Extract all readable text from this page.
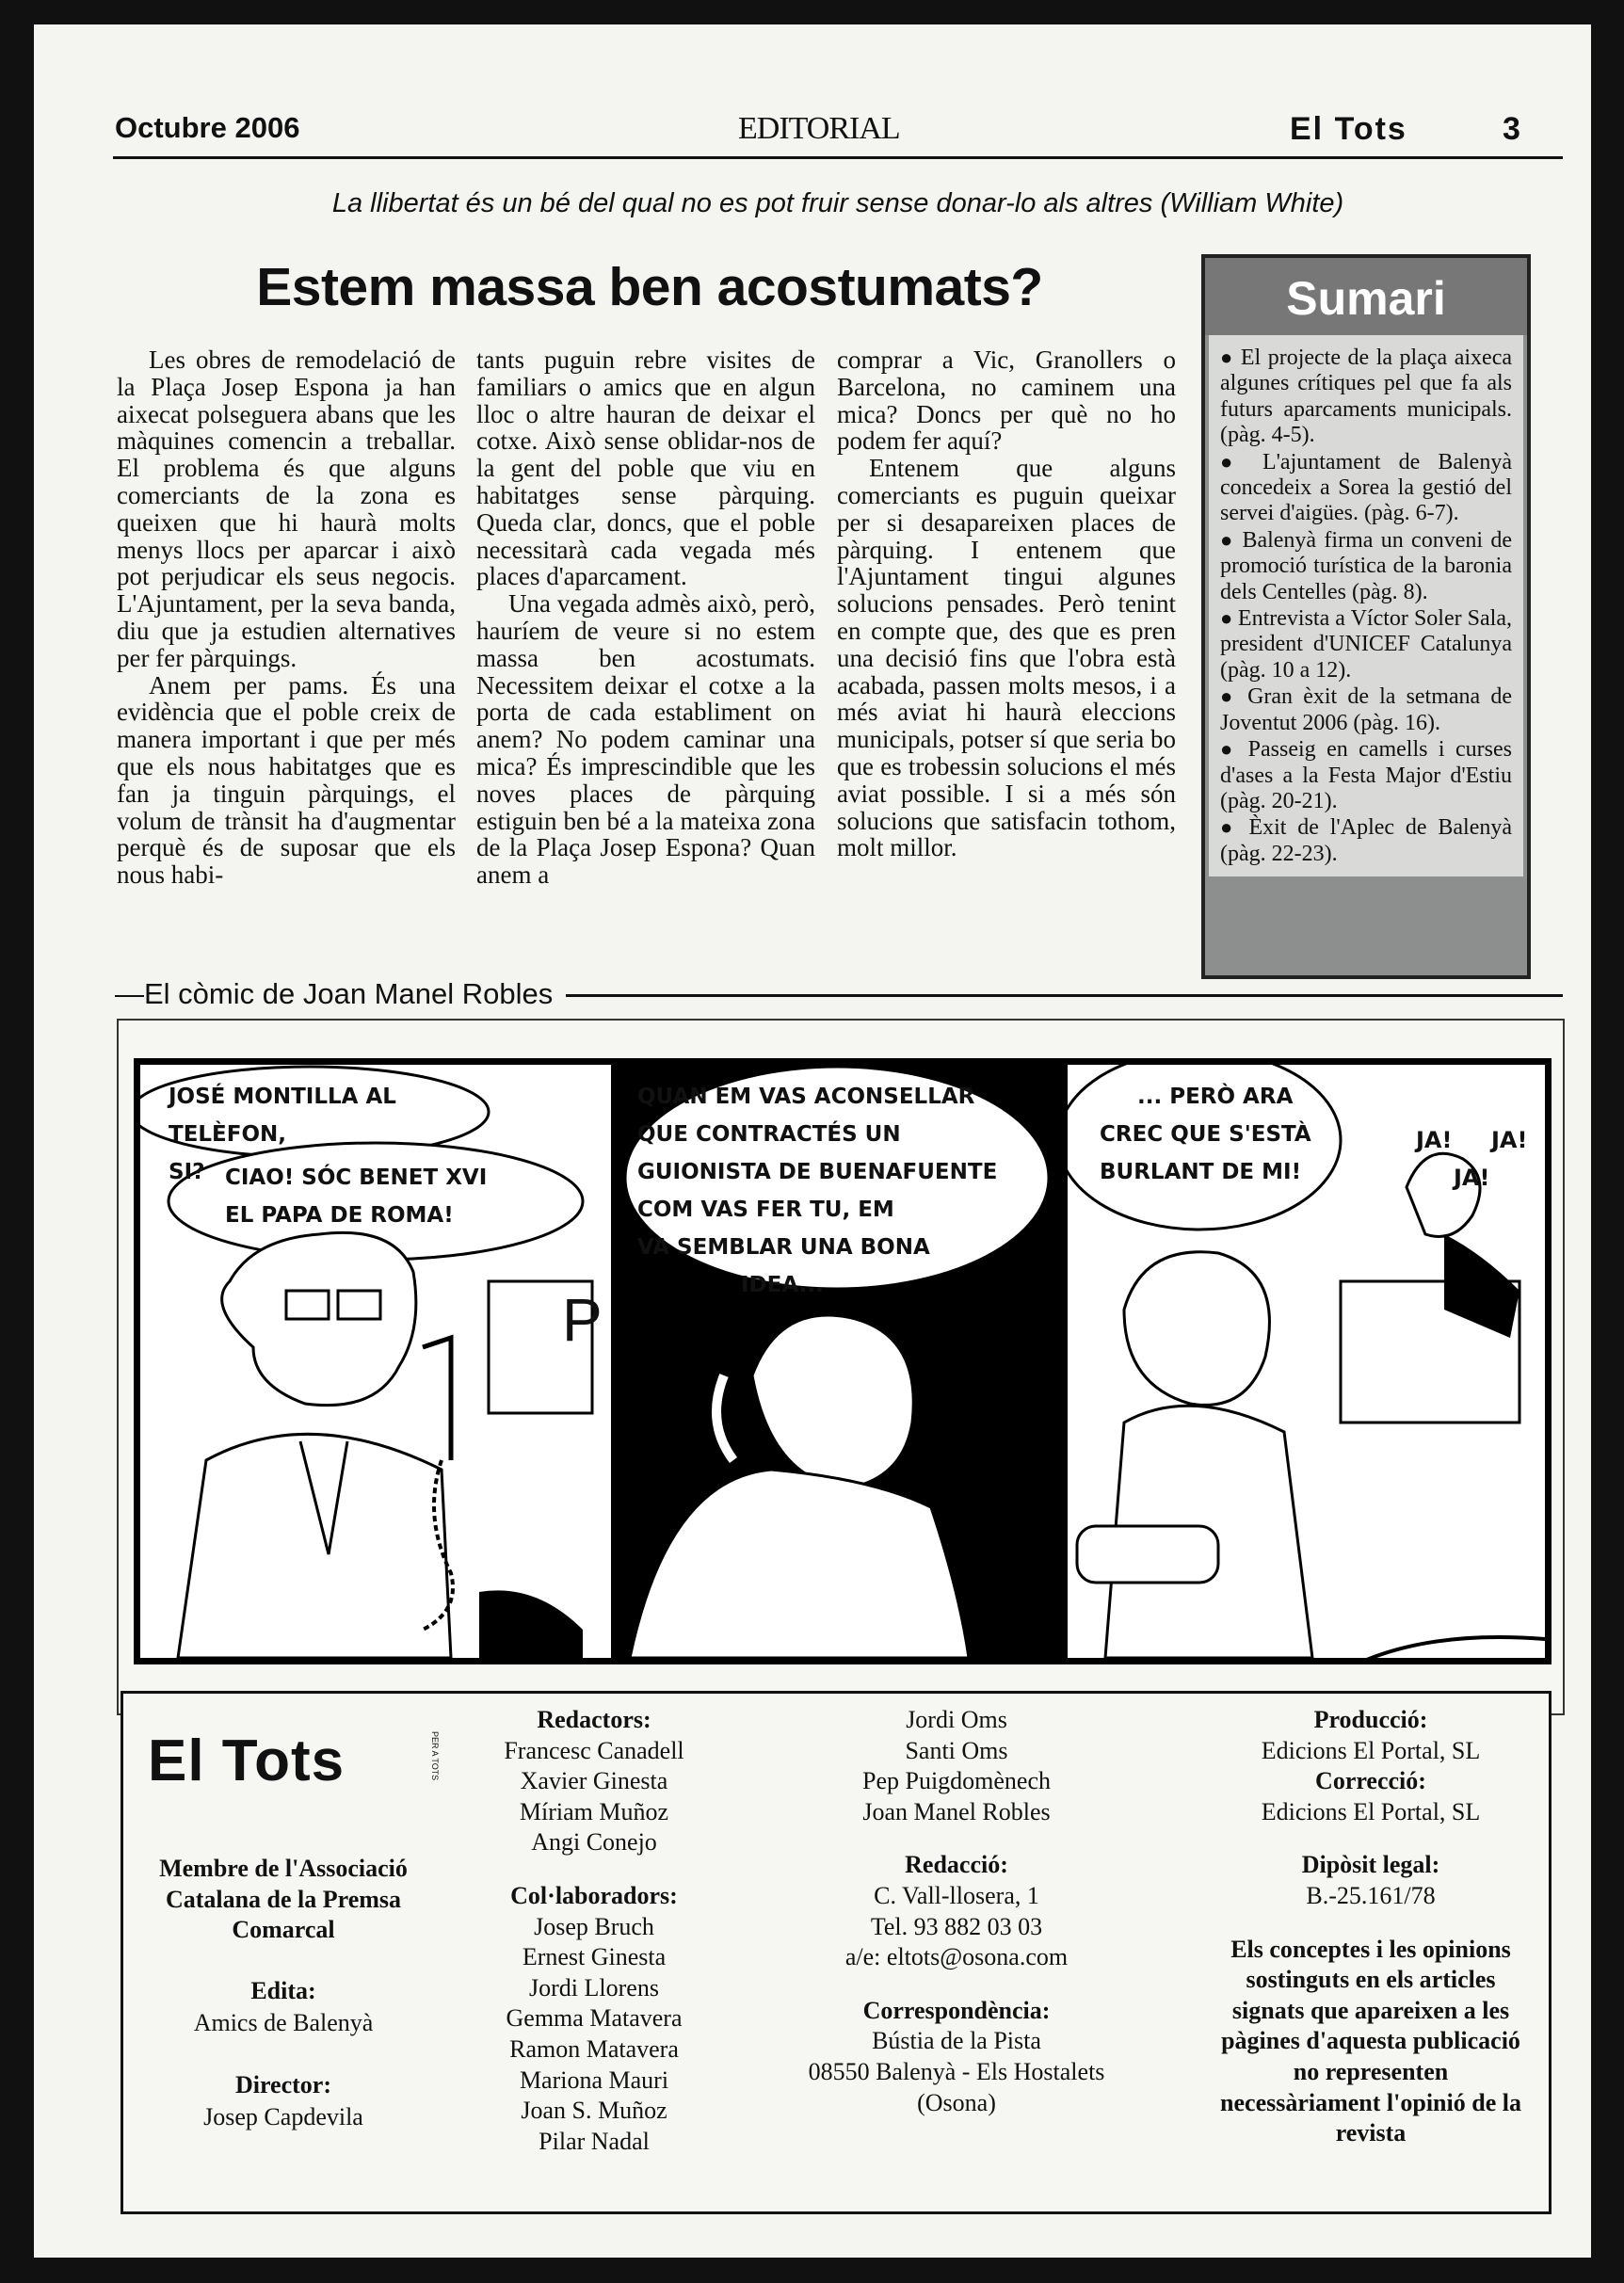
Octubre 2006	EDITORIAL	El Tots	3
La llibertat és un bé del qual no es pot fruir sense donar-lo als altres (William White)
Estem massa ben acostumats?

Les obres de remodelació de la Plaça Josep Espona ja han aixecat polseguera abans que les màquines comencin a treballar. El problema és que alguns comerciants de la zona es queixen que hi haurà molts menys llocs per aparcar i això pot perjudicar els seus negocis. L'Ajuntament, per la seva banda, diu que ja estudien alternatives per fer pàrquings.

Anem per pams. És una evidència que el poble creix de manera important i que per més que els nous habitatges que es fan ja tinguin pàrquings, el volum de trànsit ha d'augmentar perquè és de suposar que els nous habi-

tants puguin rebre visites de familiars o amics que en algun lloc o altre hauran de deixar el cotxe. Això sense oblidar-nos de la gent del poble que viu en habitatges sense pàrquing. Queda clar, doncs, que el poble necessitarà cada vegada més places d'aparcament.

Una vegada admès això, però, hauríem de veure si no estem massa ben acostumats. Necessitem deixar el cotxe a la porta de cada establiment on anem? No podem caminar una mica? És imprescindible que les noves places de pàrquing estiguin ben bé a la mateixa zona de la Plaça Josep Espona? Quan anem a

comprar a Vic, Granollers o Barcelona, no caminem una mica? Doncs per què no ho podem fer aquí?

Entenem que alguns comerciants es puguin queixar per si desapareixen places de pàrquing. I entenem que l'Ajuntament tingui algunes solucions pensades. Però tenint en compte que, des que es pren una decisió fins que l'obra està acabada, passen molts mesos, i a més aviat hi haurà eleccions municipals, potser sí que seria bo que es trobessin solucions el més aviat possible. I si a més són solucions que satisfacin tothom, molt millor.

Sumari

● El projecte de la plaça aixeca algunes crítiques pel que fa als futurs aparcaments municipals. (pàg. 4-5).

● L'ajuntament de Balenyà concedeix a Sorea la gestió del servei d'aigües. (pàg. 6-7).

● Balenyà firma un conveni de promoció turística de la baronia dels Centelles (pàg. 8).

● Entrevista a Víctor Soler Sala, president d'UNICEF Catalunya (pàg. 10 a 12).

● Gran èxit de la setmana de Joventut 2006 (pàg. 16).

● Passeig en camells i curses d'ases a la Festa Major d'Estiu (pàg. 20-21).

● Èxit de l'Aplec de Balenyà (pàg. 22-23).

—El còmic de Joan Manel Robles
JOSÉ MONTILLA AL TELÈFON,
SI? CIAO! SÓC BENET XVI
EL PAPA DE ROMA!
P
QUAN EM VAS ACONSELLAR
QUE CONTRACTÉS UN
GUIONISTA DE BUENAFUENTE
COM VAS FER TU, EM
VA SEMBLAR UNA BONA
IDEA...
... PERÒ ARA
CREC QUE S'ESTÀ
BURLANT DE MI!
JA!
JA!
JA!
El Tots	PER A TOTS
Membre de l'Associació Catalana de la Premsa Comarcal
Edita:
Amics de Balenyà
Director:
Josep Capdevila
Redactors:
Francesc Canadell
Xavier Ginesta
Míriam Muñoz
Angi Conejo
Col·laboradors:
Josep Bruch
Ernest Ginesta
Jordi Llorens
Gemma Matavera
Ramon Matavera
Mariona Mauri
Joan S. Muñoz
Pilar Nadal
Jordi Oms
Santi Oms
Pep Puigdomènech
Joan Manel Robles
Redacció:
C. Vall-llosera, 1
Tel. 93 882 03 03
a/e: eltots@osona.com
Correspondència:
Bústia de la Pista
08550 Balenyà - Els Hostalets
(Osona)
Producció:
Edicions El Portal, SL
Correcció:
Edicions El Portal, SL
Dipòsit legal:
B.-25.161/78
Els conceptes i les opinions sostinguts en els articles signats que apareixen a les pàgines d'aquesta publicació no representen necessàriament l'opinió de la revista
